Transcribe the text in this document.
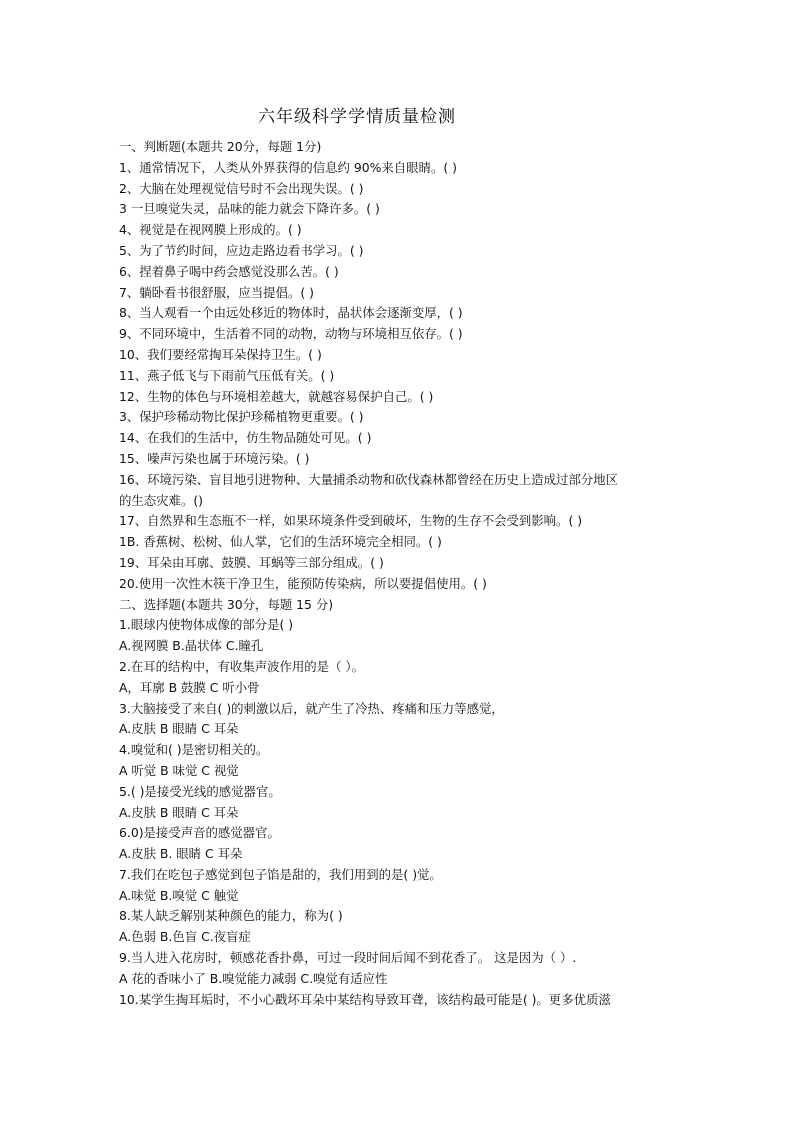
六年级科学学情质量检测
一、判断题(本题共 20分，每题 1分)
1、通常情况下，人类从外界获得的信息约 90%来自眼睛。( )
2、大脑在处理视觉信号时不会出现失误。( )
3 一旦嗅觉失灵，品味的能力就会下降许多。( )
4、视觉是在视网膜上形成的。( )
5、为了节约时间，应边走路边看书学习。( )
6、捏着鼻子喝中药会感觉没那么苦。( )
7、躺卧看书很舒服，应当提倡。( )
8、当人观看一个由远处移近的物体时，晶状体会逐渐变厚，( )
9、不同环境中，生活着不同的动物，动物与环境相互依存。( )
10、我们要经常掏耳朵保持卫生。( )
11、燕子低飞与下雨前气压低有关。( )
12、生物的体色与环境相差越大，就越容易保护自己。( )
3、保护珍稀动物比保护珍稀植物更重要。( )
14、在我们的生活中，仿生物品随处可见。( )
15、噪声污染也属于环境污染。( )
16、环境污染、盲目地引进物种、大量捕杀动物和砍伐森林都曾经在历史上造成过部分地区
的生态灾难。()
17、自然界和生态瓶不一样，如果环境条件受到破坏，生物的生存不会受到影响。( )
1B. 香蕉树、松树、仙人掌，它们的生活环境完全相同。( )
19、耳朵由耳廓、鼓膜、耳蜗等三部分组成。( )
20.使用一次性木筷干净卫生，能预防传染病，所以要提倡使用。( )
二、选择题(本题共 30分，每题 15 分)
1.眼球内使物体成像的部分是( )
A.视网膜 B.晶状体 C.瞳孔
2.在耳的结构中，有收集声波作用的是（ ）。
A，耳廓 B 鼓膜 C 听小骨
3.大脑接受了来自( )的刺激以后，就产生了冷热、疼痛和压力等感觉，
A.皮肤 B 眼睛 C 耳朵
4.嗅觉和( )是密切相关的。
A 听觉 B 味觉 C 视觉
5.( )是接受光线的感觉器官。
A.皮肤 B 眼睛 C 耳朵
6.0)是接受声音的感觉器官。
A.皮肤 B. 眼睛 C 耳朵
7.我们在吃包子感觉到包子馅是甜的，我们用到的是( )觉。
A.味觉 B.嗅觉 C 触觉
8.某人缺乏解别某种颜色的能力，称为( )
A.色弱 B.色盲 C.夜盲症
9.当人进入花房时，顿感花香扑鼻，可过一段时间后闻不到花香了。 这是因为（ ）.
A 花的香味小了 B.嗅觉能力减弱 C.嗅觉有适应性
10.某学生掏耳垢时，不小心戳坏耳朵中某结构导致耳聋，该结构最可能是( )。更多优质滋
